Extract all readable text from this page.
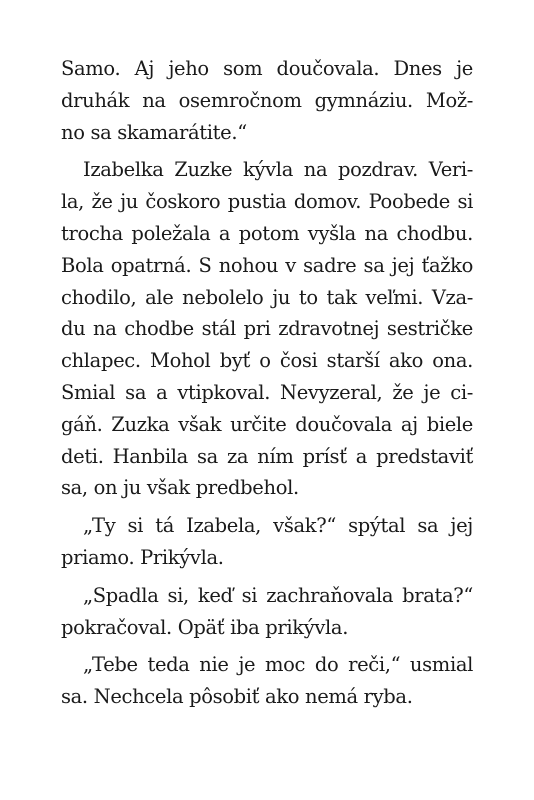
Samo. Aj jeho som doučovala. Dnes je
druhák na osemročnom gymnáziu. Mož-
no sa skamarátite.“
Izabelka Zuzke kývla na pozdrav. Veri-
la, že ju čoskoro pustia domov. Poobede si
trocha poležala a potom vyšla na chodbu.
Bola opatrná. S nohou v sadre sa jej ťažko
chodilo, ale nebolelo ju to tak veľmi. Vza-
du na chodbe stál pri zdravotnej sestričke
chlapec. Mohol byť o čosi starší ako ona.
Smial sa a vtipkoval. Nevyzeral, že je ci-
gáň. Zuzka však určite doučovala aj biele
deti. Hanbila sa za ním prísť a predstaviť
sa, on ju však predbehol.
„Ty si tá Izabela, však?“ spýtal sa jej
priamo. Prikývla.
„Spadla si, keď si zachraňovala brata?“
pokračoval. Opäť iba prikývla.
„Tebe teda nie je moc do reči,“ usmial
sa. Nechcela pôsobiť ako nemá ryba.
